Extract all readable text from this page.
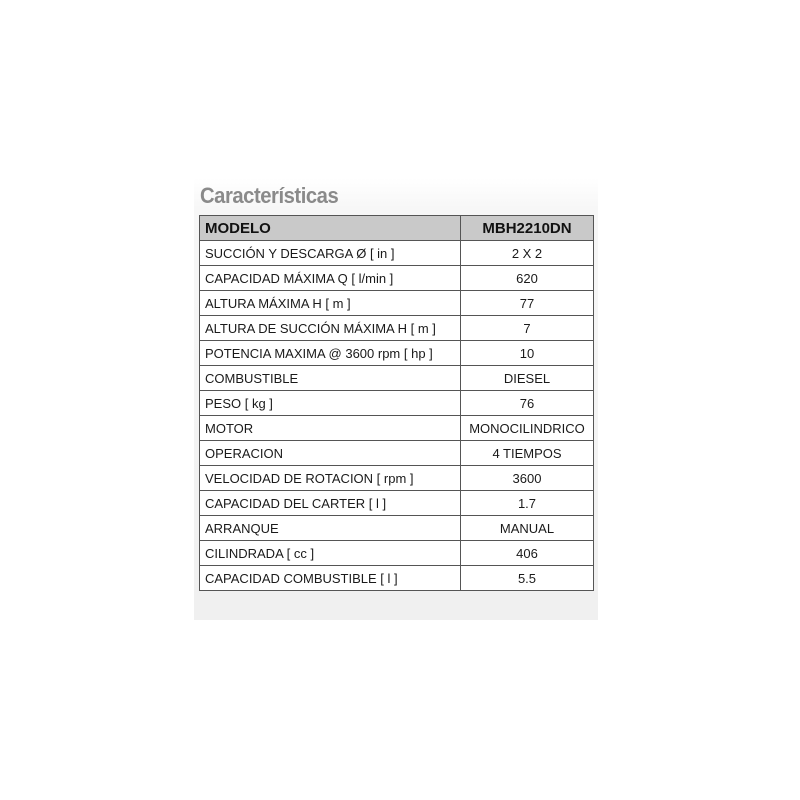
Características
MODELO	MBH2210DN
SUCCIÓN Y DESCARGA Ø [ in ]	2 X 2
CAPACIDAD MÁXIMA Q [ l/min ]	620
ALTURA MÁXIMA H [ m ]	77
ALTURA DE SUCCIÓN MÁXIMA H [ m ]	7
POTENCIA MAXIMA @ 3600 rpm [ hp ]	10
COMBUSTIBLE	DIESEL
PESO [ kg ]	76
MOTOR	MONOCILINDRICO
OPERACION	4 TIEMPOS
VELOCIDAD DE ROTACION [ rpm ]	3600
CAPACIDAD DEL CARTER [ l ]	1.7
ARRANQUE	MANUAL
CILINDRADA [ cc ]	406
CAPACIDAD COMBUSTIBLE [ l ]	5.5
